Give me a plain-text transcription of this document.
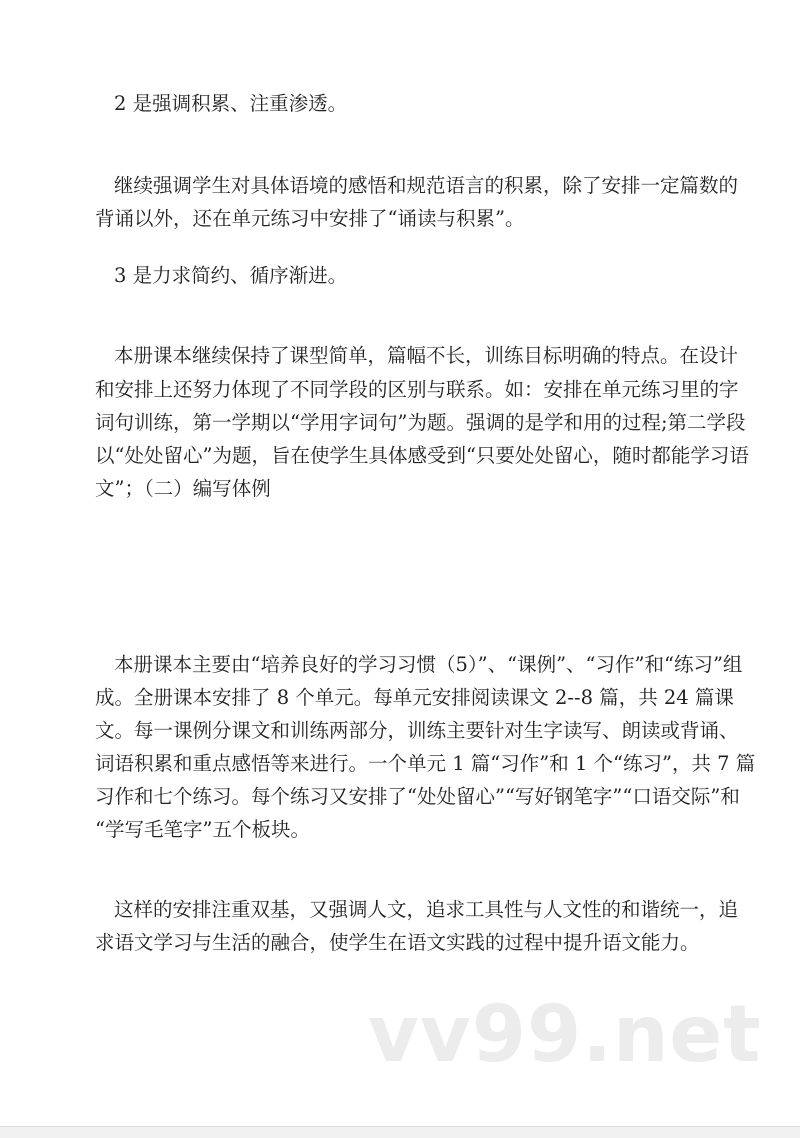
2 是强调积累、注重渗透。
继续强调学生对具体语境的感悟和规范语言的积累，除了安排一定篇数的
背诵以外，还在单元练习中安排了“诵读与积累”。
3 是力求简约、循序渐进。
本册课本继续保持了课型简单，篇幅不长，训练目标明确的特点。在设计
和安排上还努力体现了不同学段的区别与联系。如：安排在单元练习里的字
词句训练，第一学期以“学用字词句”为题。强调的是学和用的过程;第二学段
以“处处留心”为题，旨在使学生具体感受到“只要处处留心，随时都能学习语
文”；（二）编写体例
本册课本主要由“培养良好的学习习惯（5）”、“课例”、“习作”和“练习”组
成。全册课本安排了 8 个单元。每单元安排阅读课文 2--8 篇，共 24 篇课
文。每一课例分课文和训练两部分，训练主要针对生字读写、朗读或背诵、
词语积累和重点感悟等来进行。一个单元 1 篇“习作”和 1 个“练习”，共 7 篇
习作和七个练习。每个练习又安排了“处处留心”“写好钢笔字”“口语交际”和
“学写毛笔字”五个板块。
这样的安排注重双基，又强调人文，追求工具性与人文性的和谐统一，追
求语文学习与生活的融合，使学生在语文实践的过程中提升语文能力。
vv99.net
